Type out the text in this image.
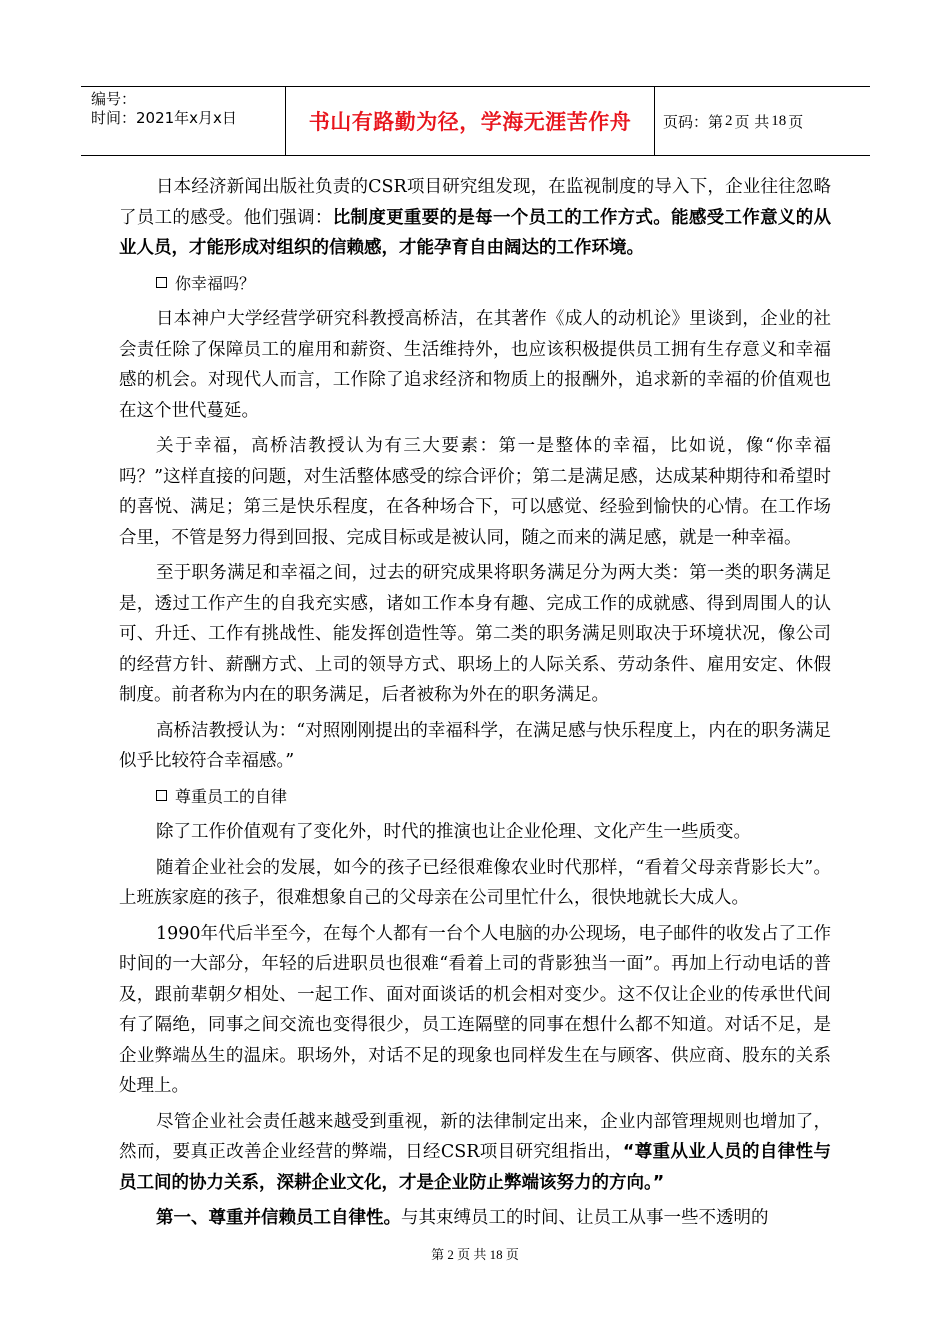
编号：
时间：2021年x月x日	书山有路勤为径，学海无涯苦作舟	页码：第 2 页 共 18 页

日本经济新闻出版社负责的CSR项目研究组发现，在监视制度的导入下，企业往往忽略了员工的感受。他们强调：比制度更重要的是每一个员工的工作方式。能感受工作意义的从业人员，才能形成对组织的信赖感，才能孕育自由阔达的工作环境。

你幸福吗？

日本神户大学经营学研究科教授高桥洁，在其著作《成人的动机论》里谈到，企业的社会责任除了保障员工的雇用和薪资、生活维持外，也应该积极提供员工拥有生存意义和幸福感的机会。对现代人而言，工作除了追求经济和物质上的报酬外，追求新的幸福的价值观也在这个世代蔓延。

关于幸福，高桥洁教授认为有三大要素：第一是整体的幸福，比如说，像“你幸福吗？”这样直接的问题，对生活整体感受的综合评价；第二是满足感，达成某种期待和希望时的喜悦、满足；第三是快乐程度，在各种场合下，可以感觉、经验到愉快的心情。在工作场合里，不管是努力得到回报、完成目标或是被认同，随之而来的满足感，就是一种幸福。

至于职务满足和幸福之间，过去的研究成果将职务满足分为两大类：第一类的职务满足是，透过工作产生的自我充实感，诸如工作本身有趣、完成工作的成就感、得到周围人的认可、升迁、工作有挑战性、能发挥创造性等。第二类的职务满足则取决于环境状况，像公司的经营方针、薪酬方式、上司的领导方式、职场上的人际关系、劳动条件、雇用安定、休假制度。前者称为内在的职务满足，后者被称为外在的职务满足。

高桥洁教授认为：“对照刚刚提出的幸福科学，在满足感与快乐程度上，内在的职务满足似乎比较符合幸福感。”

尊重员工的自律

除了工作价值观有了变化外，时代的推演也让企业伦理、文化产生一些质变。

随着企业社会的发展，如今的孩子已经很难像农业时代那样，“看着父母亲背影长大”。上班族家庭的孩子，很难想象自己的父母亲在公司里忙什么，很快地就长大成人。

1990年代后半至今，在每个人都有一台个人电脑的办公现场，电子邮件的收发占了工作时间的一大部分，年轻的后进职员也很难“看着上司的背影独当一面”。再加上行动电话的普及，跟前辈朝夕相处、一起工作、面对面谈话的机会相对变少。这不仅让企业的传承世代间有了隔绝，同事之间交流也变得很少，员工连隔壁的同事在想什么都不知道。对话不足，是企业弊端丛生的温床。职场外，对话不足的现象也同样发生在与顾客、供应商、股东的关系处理上。

尽管企业社会责任越来越受到重视，新的法律制定出来，企业内部管理规则也增加了，然而，要真正改善企业经营的弊端，日经CSR项目研究组指出，“尊重从业人员的自律性与员工间的协力关系，深耕企业文化，才是企业防止弊端该努力的方向。”

第一、尊重并信赖员工自律性。与其束缚员工的时间、让员工从事一些不透明的

第 2 页 共 18 页
